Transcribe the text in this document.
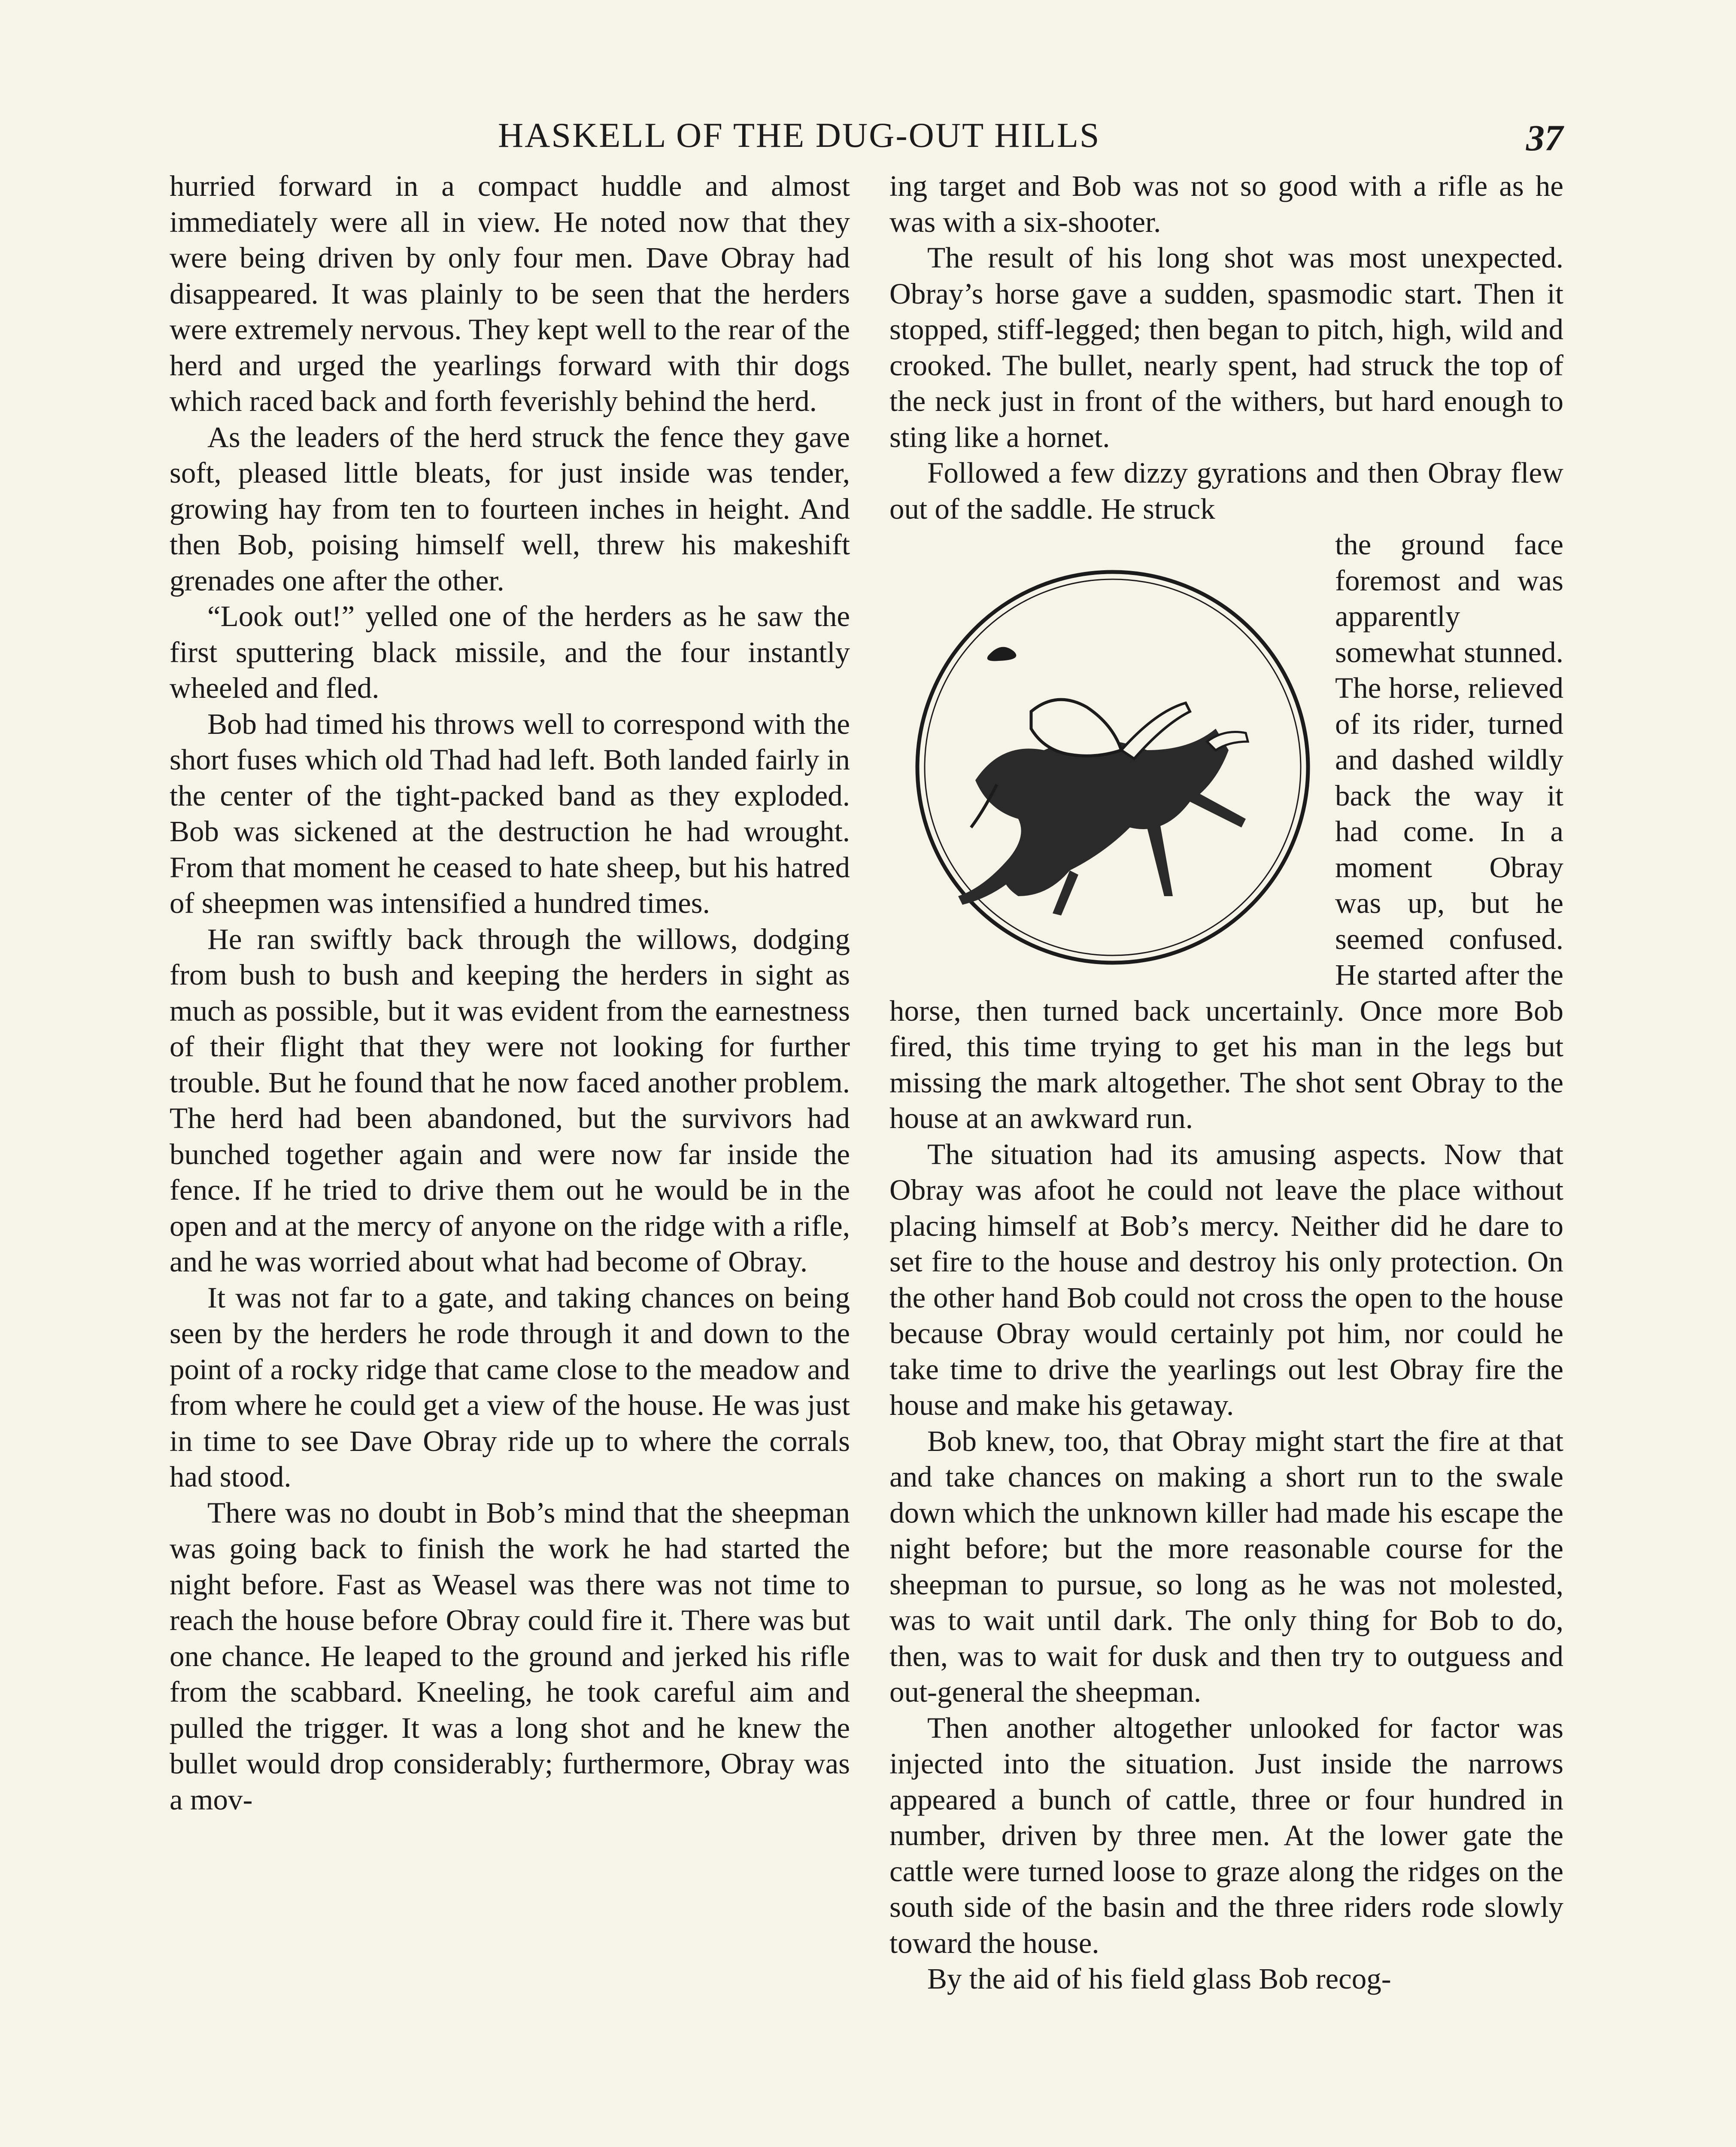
HASKELL OF THE DUG-OUT HILLS	37

hurried forward in a compact huddle and almost immediately were all in view. He noted now that they were being driven by only four men. Dave Obray had disappeared. It was plainly to be seen that the herders were extremely nervous. They kept well to the rear of the herd and urged the yearlings forward with thir dogs which raced back and forth feverishly behind the herd.

As the leaders of the herd struck the fence they gave soft, pleased little bleats, for just inside was tender, growing hay from ten to fourteen inches in height. And then Bob, poising himself well, threw his makeshift grenades one after the other.

“Look out!” yelled one of the herders as he saw the first sputtering black missile, and the four instantly wheeled and fled.

Bob had timed his throws well to correspond with the short fuses which old Thad had left. Both landed fairly in the center of the tight-packed band as they exploded. Bob was sickened at the destruction he had wrought. From that moment he ceased to hate sheep, but his hatred of sheepmen was intensified a hundred times.

He ran swiftly back through the willows, dodging from bush to bush and keeping the herders in sight as much as possible, but it was evident from the earnestness of their flight that they were not looking for further trouble. But he found that he now faced another problem. The herd had been abandoned, but the survivors had bunched together again and were now far inside the fence. If he tried to drive them out he would be in the open and at the mercy of anyone on the ridge with a rifle, and he was worried about what had become of Obray.

It was not far to a gate, and taking chances on being seen by the herders he rode through it and down to the point of a rocky ridge that came close to the meadow and from where he could get a view of the house. He was just in time to see Dave Obray ride up to where the corrals had stood.

There was no doubt in Bob’s mind that the sheepman was going back to finish the work he had started the night before. Fast as Weasel was there was not time to reach the house before Obray could fire it. There was but one chance. He leaped to the ground and jerked his rifle from the scabbard. Kneeling, he took careful aim and pulled the trigger. It was a long shot and he knew the bullet would drop considerably; furthermore, Obray was a mov-

ing target and Bob was not so good with a rifle as he was with a six-shooter.

The result of his long shot was most unexpected. Obray’s horse gave a sudden, spasmodic start. Then it stopped, stiff-legged; then began to pitch, high, wild and crooked. The bullet, nearly spent, had struck the top of the neck just in front of the withers, but hard enough to sting like a hornet.

Followed a few dizzy gyrations and then Obray flew out of the saddle. He struck

the ground face foremost and was apparently somewhat stunned. The horse, relieved of its rider, turned and dashed wildly back the way it had come. In a moment Obray was up, but he seemed confused. He started after the horse, then turned back uncertainly. Once more Bob fired, this time trying to get his man in the legs but missing the mark altogether. The shot sent Obray to the house at an awkward run.

The situation had its amusing aspects. Now that Obray was afoot he could not leave the place without placing himself at Bob’s mercy. Neither did he dare to set fire to the house and destroy his only protection. On the other hand Bob could not cross the open to the house because Obray would certainly pot him, nor could he take time to drive the yearlings out lest Obray fire the house and make his getaway.

Bob knew, too, that Obray might start the fire at that and take chances on making a short run to the swale down which the unknown killer had made his escape the night before; but the more reasonable course for the sheepman to pursue, so long as he was not molested, was to wait until dark. The only thing for Bob to do, then, was to wait for dusk and then try to outguess and out-general the sheepman.

Then another altogether unlooked for factor was injected into the situation. Just inside the narrows appeared a bunch of cattle, three or four hundred in number, driven by three men. At the lower gate the cattle were turned loose to graze along the ridges on the south side of the basin and the three riders rode slowly toward the house.

By the aid of his field glass Bob recog-
